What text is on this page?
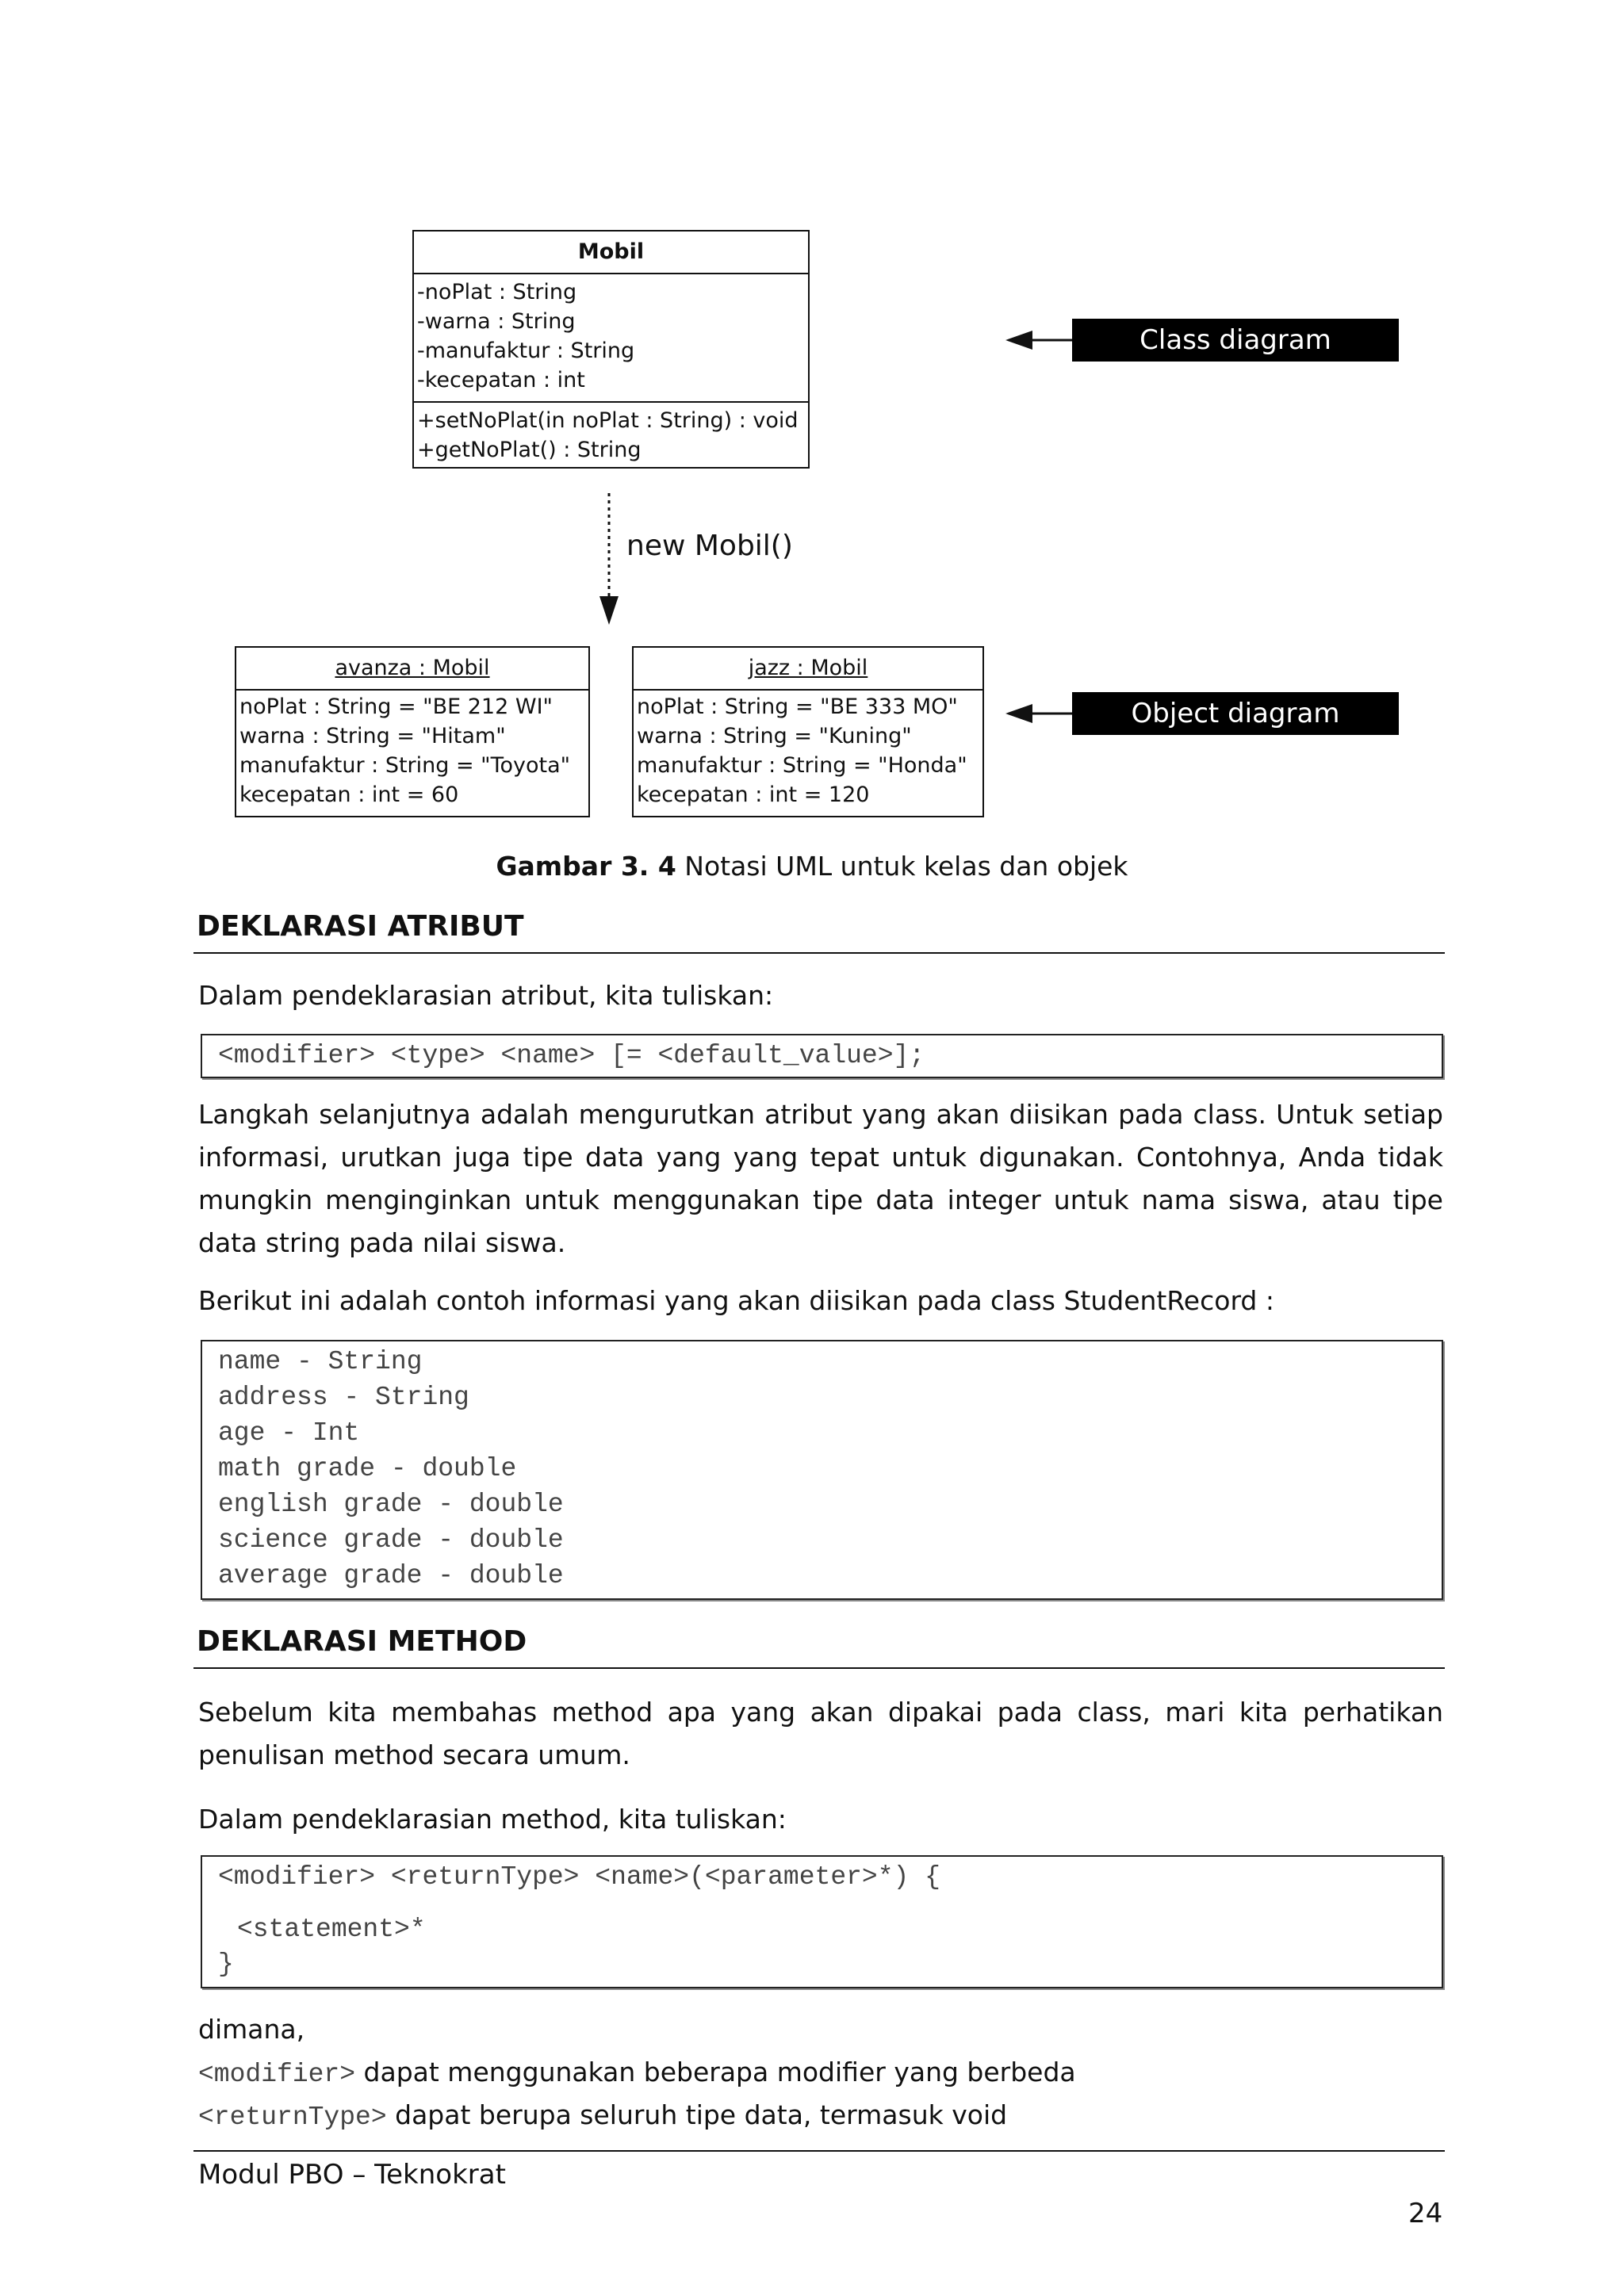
Mobil
-noPlat : String
-warna : String
-manufaktur : String
-kecepatan : int
+setNoPlat(in noPlat : String) : void
+getNoPlat() : String
Class diagram
new Mobil()
avanza : Mobil
noPlat : String = "BE 212 WI"
warna : String = "Hitam"
manufaktur : String = "Toyota"
kecepatan : int = 60
jazz : Mobil
noPlat : String = "BE 333 MO"
warna : String = "Kuning"
manufaktur : String = "Honda"
kecepatan : int = 120
Object diagram
Gambar 3. 4 Notasi UML untuk kelas dan objek
DEKLARASI ATRIBUT
Dalam pendeklarasian atribut, kita tuliskan:
<modifier> <type> <name> [= <default_value>];
Langkah selanjutnya adalah mengurutkan atribut yang akan diisikan pada class. Untuk setiap informasi, urutkan juga tipe data yang yang tepat untuk digunakan. Contohnya, Anda tidak mungkin menginginkan untuk menggunakan tipe data integer untuk nama siswa, atau tipe data string pada nilai siswa.
Berikut ini adalah contoh informasi yang akan diisikan pada class StudentRecord :
name - String
address - String
age - Int
math grade - double
english grade - double
science grade - double
average grade - double
DEKLARASI METHOD
Sebelum kita membahas method apa yang akan dipakai pada class, mari kita perhatikan penulisan method secara umum.
Dalam pendeklarasian method, kita tuliskan:
<modifier> <returnType> <name>(<parameter>*) {
<statement>*
}
dimana,
<modifier> dapat menggunakan beberapa modifier yang berbeda
<returnType> dapat berupa seluruh tipe data, termasuk void
Modul PBO – Teknokrat
24
